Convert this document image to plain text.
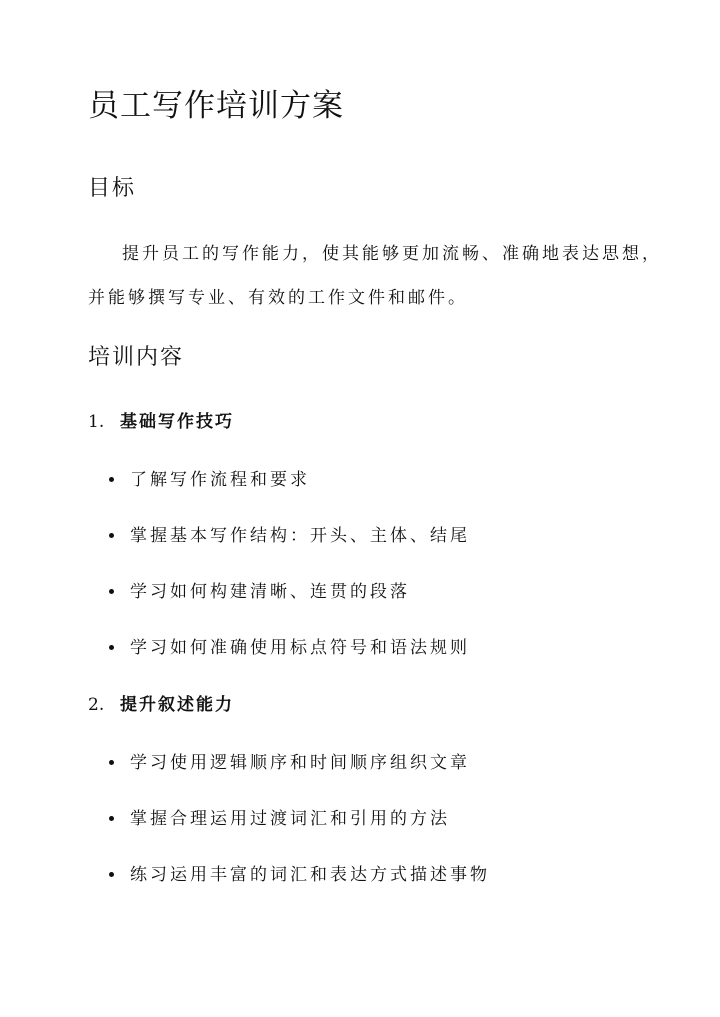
员工写作培训方案
目标

提升员工的写作能力，使其能够更加流畅、准确地表达思想，

并能够撰写专业、有效的工作文件和邮件。

培训内容
1. 基础写作技巧
了解写作流程和要求
掌握基本写作结构：开头、主体、结尾
学习如何构建清晰、连贯的段落
学习如何准确使用标点符号和语法规则
2. 提升叙述能力
学习使用逻辑顺序和时间顺序组织文章
掌握合理运用过渡词汇和引用的方法
练习运用丰富的词汇和表达方式描述事物
